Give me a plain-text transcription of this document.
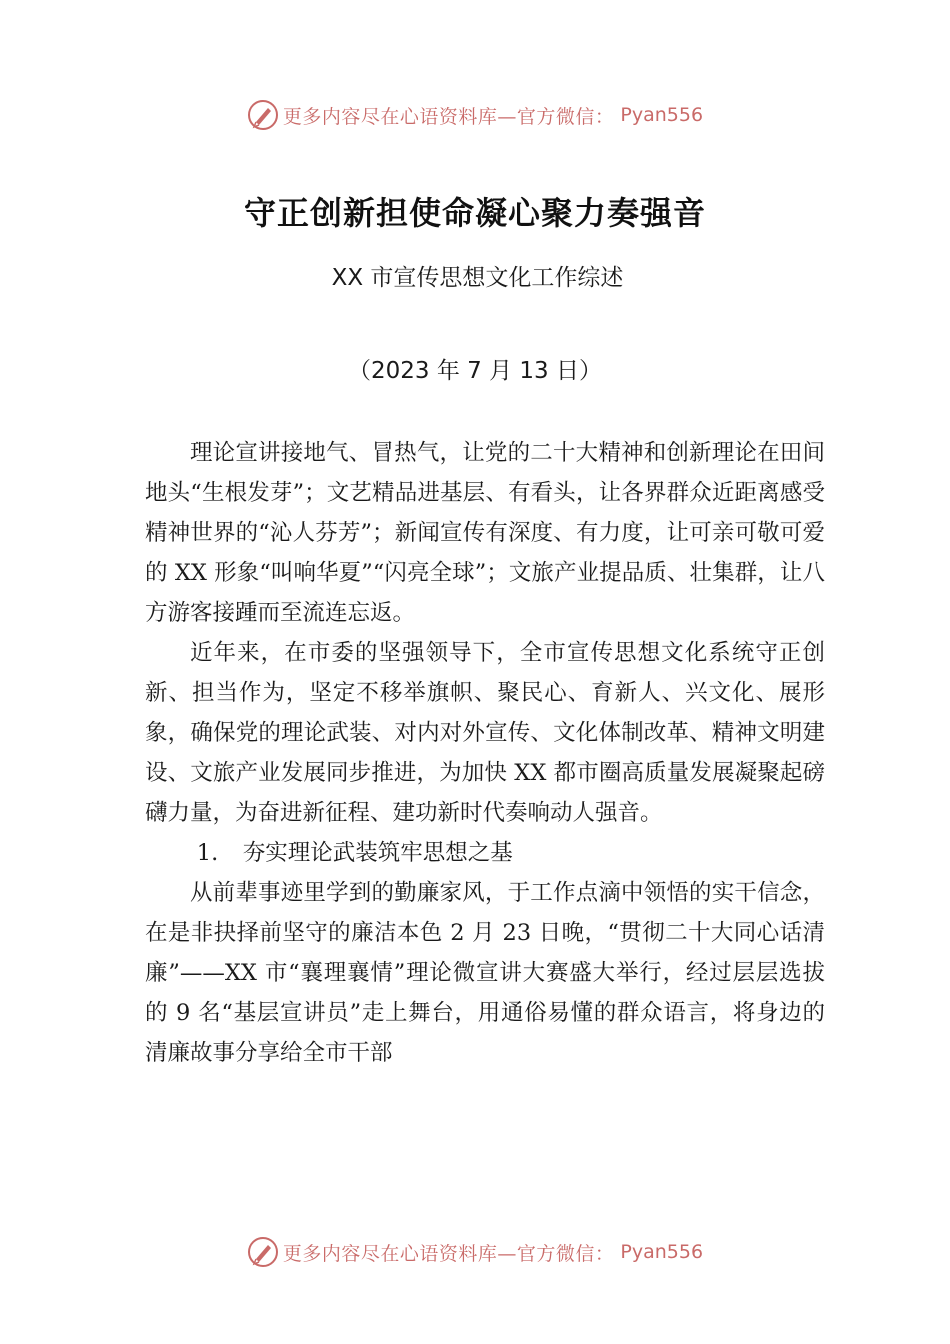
更多内容尽在心语资料库—官方微信： Pyan556
守正创新担使命凝心聚力奏强音
XX 市宣传思想文化工作综述
（2023 年 7 月 13 日）

理论宣讲接地气、冒热气，让党的二十大精神和创新理论在田间地头“生根发芽”；文艺精品进基层、有看头，让各界群众近距离感受精神世界的“沁人芬芳”；新闻宣传有深度、有力度，让可亲可敬可爱的 XX 形象“叫响华夏”“闪亮全球”；文旅产业提品质、壮集群，让八方游客接踵而至流连忘返。

近年来，在市委的坚强领导下，全市宣传思想文化系统守正创新、担当作为，坚定不移举旗帜、聚民心、育新人、兴文化、展形象，确保党的理论武装、对内对外宣传、文化体制改革、精神文明建设、文旅产业发展同步推进，为加快 XX 都市圈高质量发展凝聚起磅礴力量，为奋进新征程、建功新时代奏响动人强音。

1. 夯实理论武装筑牢思想之基

从前辈事迹里学到的勤廉家风，于工作点滴中领悟的实干信念，在是非抉择前坚守的廉洁本色 2 月 23 日晚，“贯彻二十大同心话清廉”——XX 市“襄理襄情”理论微宣讲大赛盛大举行，经过层层选拔的 9 名“基层宣讲员”走上舞台，用通俗易懂的群众语言，将身边的清廉故事分享给全市干部

更多内容尽在心语资料库—官方微信： Pyan556
